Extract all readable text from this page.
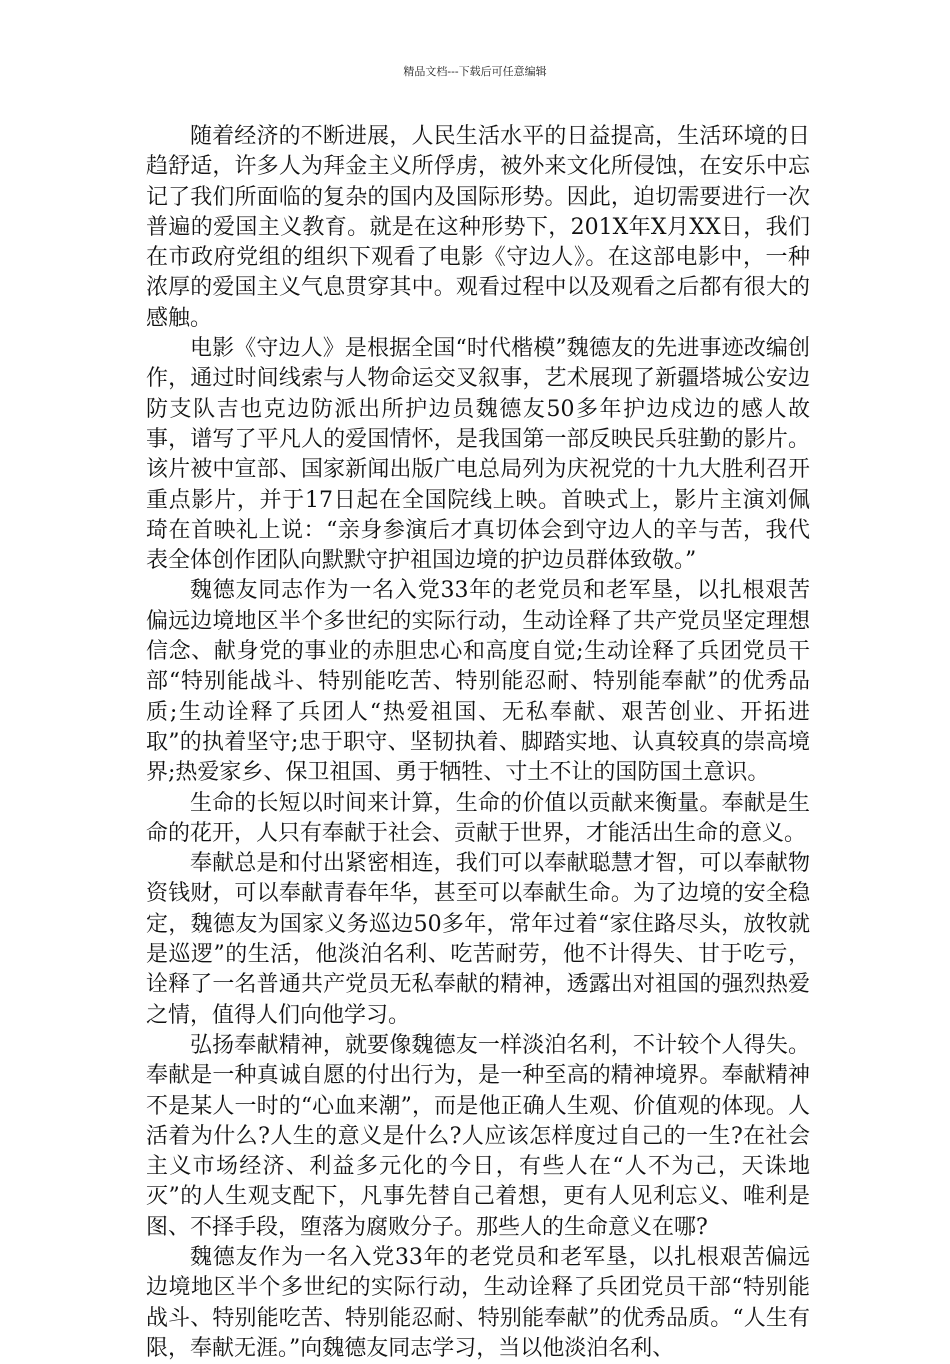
精品文档---下载后可任意编辑

随着经济的不断进展，人民生活水平的日益提高，生活环境的日趋舒适，许多人为拜金主义所俘虏，被外来文化所侵蚀，在安乐中忘记了我们所面临的复杂的国内及国际形势。因此，迫切需要进行一次普遍的爱国主义教育。就是在这种形势下，201X年X月XX日，我们在市政府党组的组织下观看了电影《守边人》。在这部电影中，一种浓厚的爱国主义气息贯穿其中。观看过程中以及观看之后都有很大的感触。

电影《守边人》是根据全国“时代楷模”魏德友的先进事迹改编创作，通过时间线索与人物命运交叉叙事，艺术展现了新疆塔城公安边防支队吉也克边防派出所护边员魏德友50多年护边戍边的感人故事，谱写了平凡人的爱国情怀，是我国第一部反映民兵驻勤的影片。该片被中宣部、国家新闻出版广电总局列为庆祝党的十九大胜利召开重点影片，并于17日起在全国院线上映。首映式上，影片主演刘佩琦在首映礼上说：“亲身参演后才真切体会到守边人的辛与苦，我代表全体创作团队向默默守护祖国边境的护边员群体致敬。”

魏德友同志作为一名入党33年的老党员和老军垦，以扎根艰苦偏远边境地区半个多世纪的实际行动，生动诠释了共产党员坚定理想信念、献身党的事业的赤胆忠心和高度自觉;生动诠释了兵团党员干部“特别能战斗、特别能吃苦、特别能忍耐、特别能奉献”的优秀品质;生动诠释了兵团人“热爱祖国、无私奉献、艰苦创业、开拓进取”的执着坚守;忠于职守、坚韧执着、脚踏实地、认真较真的崇高境界;热爱家乡、保卫祖国、勇于牺牲、寸土不让的国防国土意识。

生命的长短以时间来计算，生命的价值以贡献来衡量。奉献是生命的花开，人只有奉献于社会、贡献于世界，才能活出生命的意义。

奉献总是和付出紧密相连，我们可以奉献聪慧才智，可以奉献物资钱财，可以奉献青春年华，甚至可以奉献生命。为了边境的安全稳定，魏德友为国家义务巡边50多年，常年过着“家住路尽头，放牧就是巡逻”的生活，他淡泊名利、吃苦耐劳，他不计得失、甘于吃亏，诠释了一名普通共产党员无私奉献的精神，透露出对祖国的强烈热爱之情，值得人们向他学习。

弘扬奉献精神，就要像魏德友一样淡泊名利，不计较个人得失。奉献是一种真诚自愿的付出行为，是一种至高的精神境界。奉献精神不是某人一时的“心血来潮”，而是他正确人生观、价值观的体现。人活着为什么?人生的意义是什么?人应该怎样度过自己的一生?在社会主义市场经济、利益多元化的今日，有些人在“人不为己，天诛地灭”的人生观支配下，凡事先替自己着想，更有人见利忘义、唯利是图、不择手段，堕落为腐败分子。那些人的生命意义在哪?

魏德友作为一名入党33年的老党员和老军垦，以扎根艰苦偏远边境地区半个多世纪的实际行动，生动诠释了兵团党员干部“特别能战斗、特别能吃苦、特别能忍耐、特别能奉献”的优秀品质。“人生有限，奉献无涯。”向魏德友同志学习，当以他淡泊名利、
